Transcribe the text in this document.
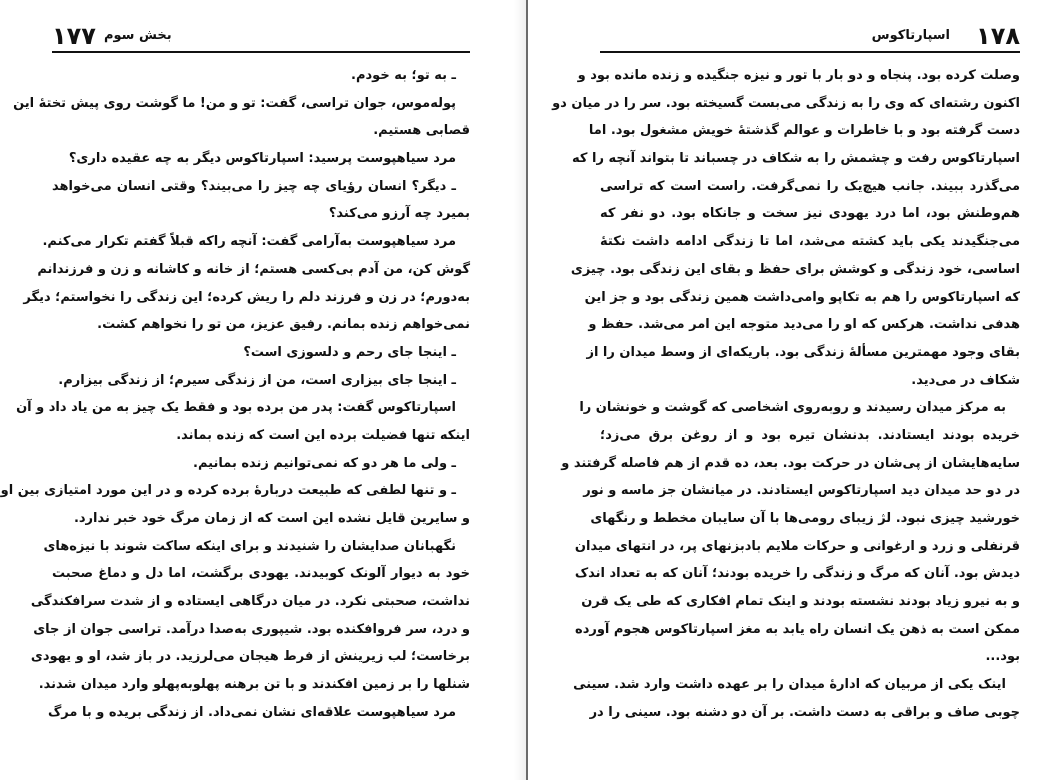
۱۷۷ بخش سوم
ـ به تو؛ به خودم.
پولەموس، جوان تراسی، گفت: تو و من! ما گوشت روی پیش تختهٔ این
قصابی هستیم.
مرد سیاهپوست پرسید: اسپارتاکوس دیگر به چه عقیده داری؟
ـ دیگر؟ انسان رؤیای چه چیز را می‌بیند؟ وقتی انسان می‌خواهد
بمیرد چه آرزو می‌کند؟
مرد سیاهپوست به‌آرامی گفت: آنچه راکه قبلاً گفتم تکرار می‌کنم.
گوش کن، من آدم بی‌کسی هستم؛ از خانه و کاشانه و زن و فرزندانم
به‌دورم؛ در زن و فرزند دلم را ریش کرده؛ این زندگی را نخواستم؛ دیگر
نمی‌خواهم زنده بمانم. رفیق عزیز، من تو را نخواهم کشت.
ـ اینجا جای رحم و دلسوزی است؟
ـ اینجا جای بیزاری است، من از زندگی سیرم؛ از زندگی بیزارم.
اسپارتاکوس گفت: پدر من برده بود و فقط یک چیز به من یاد داد و آن
اینکه تنها فضیلت برده این است که زنده بماند.
ـ ولی ما هر دو که نمی‌توانیم زنده بمانیم.
ـ و تنها لطفی که طبیعت دربارهٔ برده کرده و در این مورد امتیازی بین او
و سایرین قایل نشده این است که از زمان مرگ خود خبر ندارد.
نگهبانان صدایشان را شنیدند و برای اینکه ساکت شوند با نیزه‌های
خود به دیوار آلونک کوبیدند. یهودی برگشت، اما دل و دماغ صحبت
نداشت، صحبتی نکرد. در میان درگاهی ایستاده و از شدت سرافکندگی
و درد، سر فروافکنده بود. شیپوری به‌صدا درآمد. تراسی جوان از جای
برخاست؛ لب زیرینش از فرط هیجان می‌لرزید. در باز شد، او و یهودی
شنلها را بر زمین افکندند و با تن برهنه پهلوبه‌پهلو وارد میدان شدند.
مرد سیاهپوست علاقه‌ای نشان نمی‌داد. از زندگی بریده و با مرگ
۱۷۸
اسپارتاکوس
وصلت کرده بود. پنجاه و دو بار با تور و نیزه جنگیده و زنده مانده بود و
اکنون رشته‌ای که وی را به زندگی می‌بست گسیخته بود. سر را در میان دو
دست گرفته بود و با خاطرات و عوالم گذشتهٔ خویش مشغول بود. اما
اسپارتاکوس رفت و چشمش را به شکاف در چسباند تا بتواند آنچه را که
می‌گذرد ببیند. جانب هیچ‌یک را نمی‌گرفت. راست است که تراسی
هم‌وطنش بود، اما درد یهودی نیز سخت و جانکاه بود. دو نفر که
می‌جنگیدند یکی باید کشته می‌شد، اما تا زندگی ادامه داشت نکتهٔ
اساسی، خود زندگی و کوشش برای حفظ و بقای این زندگی بود. چیزی
که اسپارتاکوس را هم به تکاپو وامی‌داشت همین زندگی بود و جز این
هدفی نداشت. هرکس که او را می‌دید متوجه این امر می‌شد. حفظ و
بقای وجود مهمترین مسألهٔ زندگی بود. باریکه‌ای از وسط میدان را از
شکاف در می‌دید.
به مرکز میدان رسیدند و روبه‌روی اشخاصی که گوشت و خونشان را
خریده بودند ایستادند. بدنشان تیره بود و از روغن برق می‌زد؛
سایه‌هایشان از پی‌شان در حرکت بود. بعد، ده قدم از هم فاصله گرفتند و
در دو حد میدان دید اسپارتاکوس ایستادند. در میانشان جز ماسه و نور
خورشید چیزی نبود. لژ زیبای رومی‌ها با آن سایبان مخطط و رنگهای
قرنفلی و زرد و ارغوانی و حرکات ملایم بادبزنهای پر، در انتهای میدان
دیدش بود. آنان که مرگ و زندگی را خریده بودند؛ آنان که به تعداد اندک
و به نیرو زیاد بودند نشسته بودند و اینک تمام افکاری که طی یک قرن
ممکن است به ذهن یک انسان راه یابد به مغز اسپارتاکوس هجوم آورده
بود...
اینک یکی از مربیان که ادارهٔ میدان را بر عهده داشت وارد شد. سینی
چوبی صاف و براقی به دست داشت. بر آن دو دشنه بود. سینی را در
